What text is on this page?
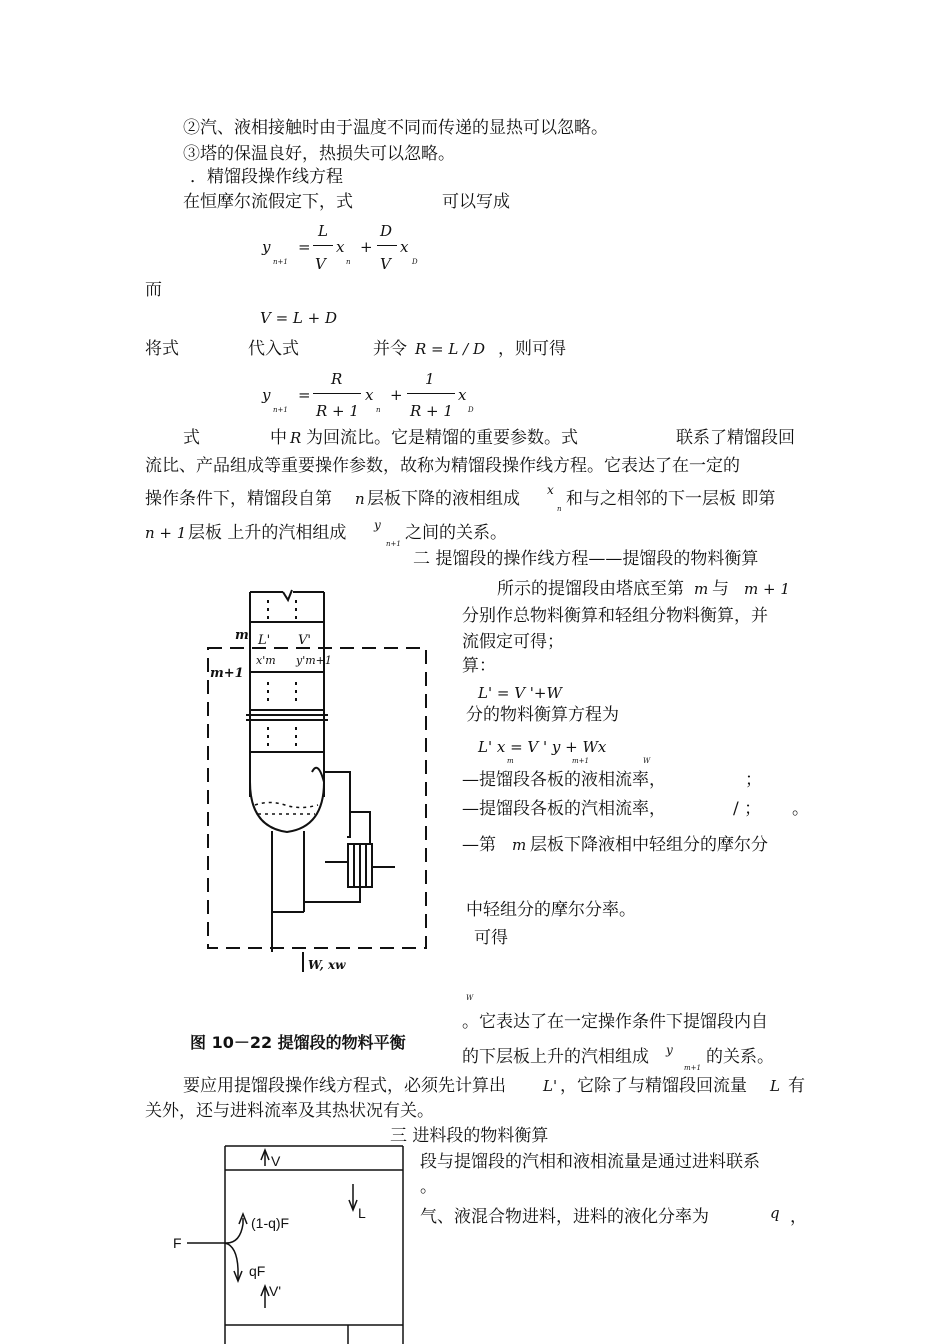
②汽、液相接触时由于温度不同而传递的显热可以忽略。
③塔的保温良好，热损失可以忽略。
．精馏段操作线方程
在恒摩尔流假定下，式	可以写成
y
n+1
=
L
V
x
n
+
D
V
x
D
而
V = L + D
将式	代入式	并令 R = L / D ，则可得
y
n+1
=
R
R + 1
x
n
+
1
R + 1
x
D
式	中 R 为回流比。它是精馏的重要参数。式	联系了精馏段回
流比、产品组成等重要操作参数，故称为精馏段操作线方程。它表达了在一定的
操作条件下，精馏段自第 n 层板下降的液相组成 x
n 和与之相邻的下一层板 即第
n + 1 层板 上升的汽相组成 y
n+1
之间的关系。
二 提馏段的操作线方程——提馏段的物料衡算
m
m+1
L' V'
x'm y'm+1
W, xw
所示的提馏段由塔底至第 m 与 m + 1
分别作总物料衡算和轻组分物料衡算，并
流假定可得；
算：
L' = V '+W
分的物料衡算方程为
L' x = V ' y + Wx
m	m+1	W
—提馏段各板的液相流率，	；
—提馏段各板的汽相流率，	/ ； 。
—第 m 层板下降液相中轻组分的摩尔分
中轻组分的摩尔分率。
可得
W
。它表达了在一定操作条件下提馏段内自
图 10－22 提馏段的物料平衡
的下层板上升的汽相组成 y
m+1
的关系。
要应用提馏段操作线方程式，必须先计算出 L' ，它除了与精馏段回流量 L 有
关外，还与进料流率及其热状况有关。
三 进料段的物料衡算
段与提馏段的汽相和液相流量是通过进料联系
。
气、液混合物进料，进料的液化分率为	q ，
V
L
F
(1-q)F
qF
V'
